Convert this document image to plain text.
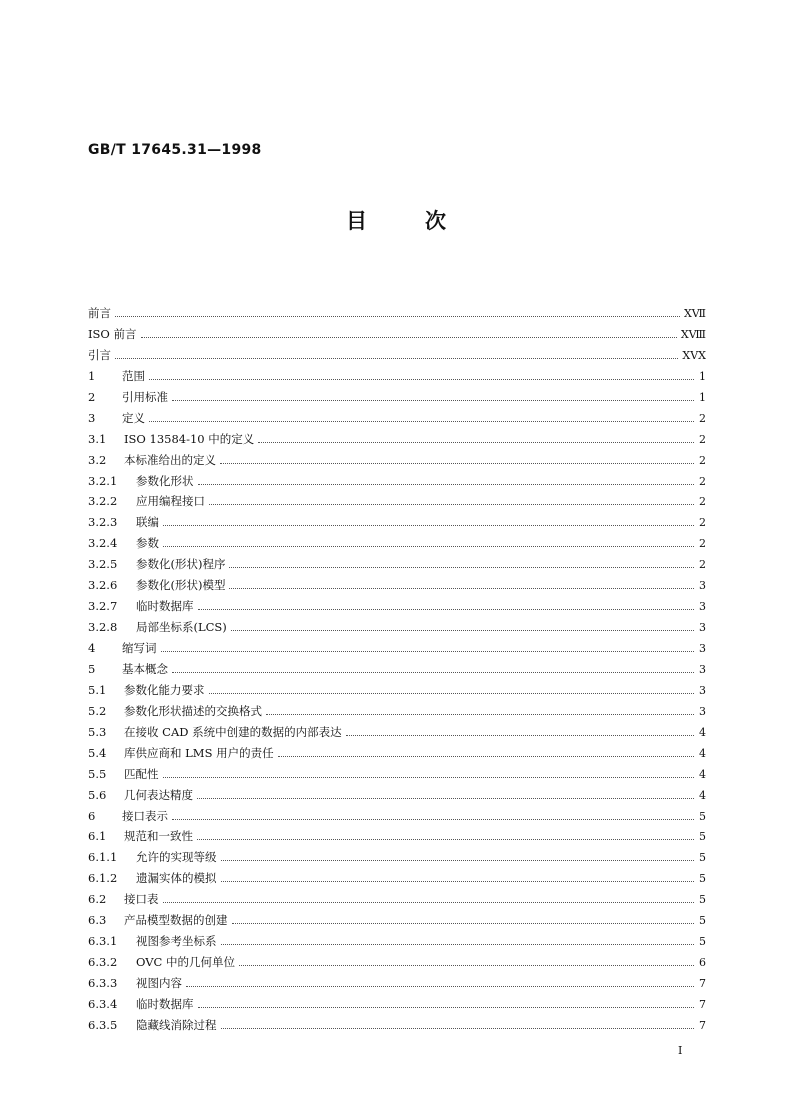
GB/T 17645.31—1998
目	次
前言	XⅦ
ISO 前言	XⅧ
引言	XVX
1	范围	1
2	引用标准	1
3	定义	2
3.1	ISO 13584-10 中的定义	2
3.2	本标准给出的定义	2
3.2.1	参数化形状	2
3.2.2	应用编程接口	2
3.2.3	联编	2
3.2.4	参数	2
3.2.5	参数化(形状)程序	2
3.2.6	参数化(形状)模型	3
3.2.7	临时数据库	3
3.2.8	局部坐标系(LCS)	3
4	缩写词	3
5	基本概念	3
5.1	参数化能力要求	3
5.2	参数化形状描述的交换格式	3
5.3	在接收 CAD 系统中创建的数据的内部表达	4
5.4	库供应商和 LMS 用户的责任	4
5.5	匹配性	4
5.6	几何表达精度	4
6	接口表示	5
6.1	规范和一致性	5
6.1.1	允许的实现等级	5
6.1.2	遗漏实体的模拟	5
6.2	接口表	5
6.3	产品模型数据的创建	5
6.3.1	视图参考坐标系	5
6.3.2	OVC 中的几何单位	6
6.3.3	视图内容	7
6.3.4	临时数据库	7
6.3.5	隐藏线消除过程	7
I
